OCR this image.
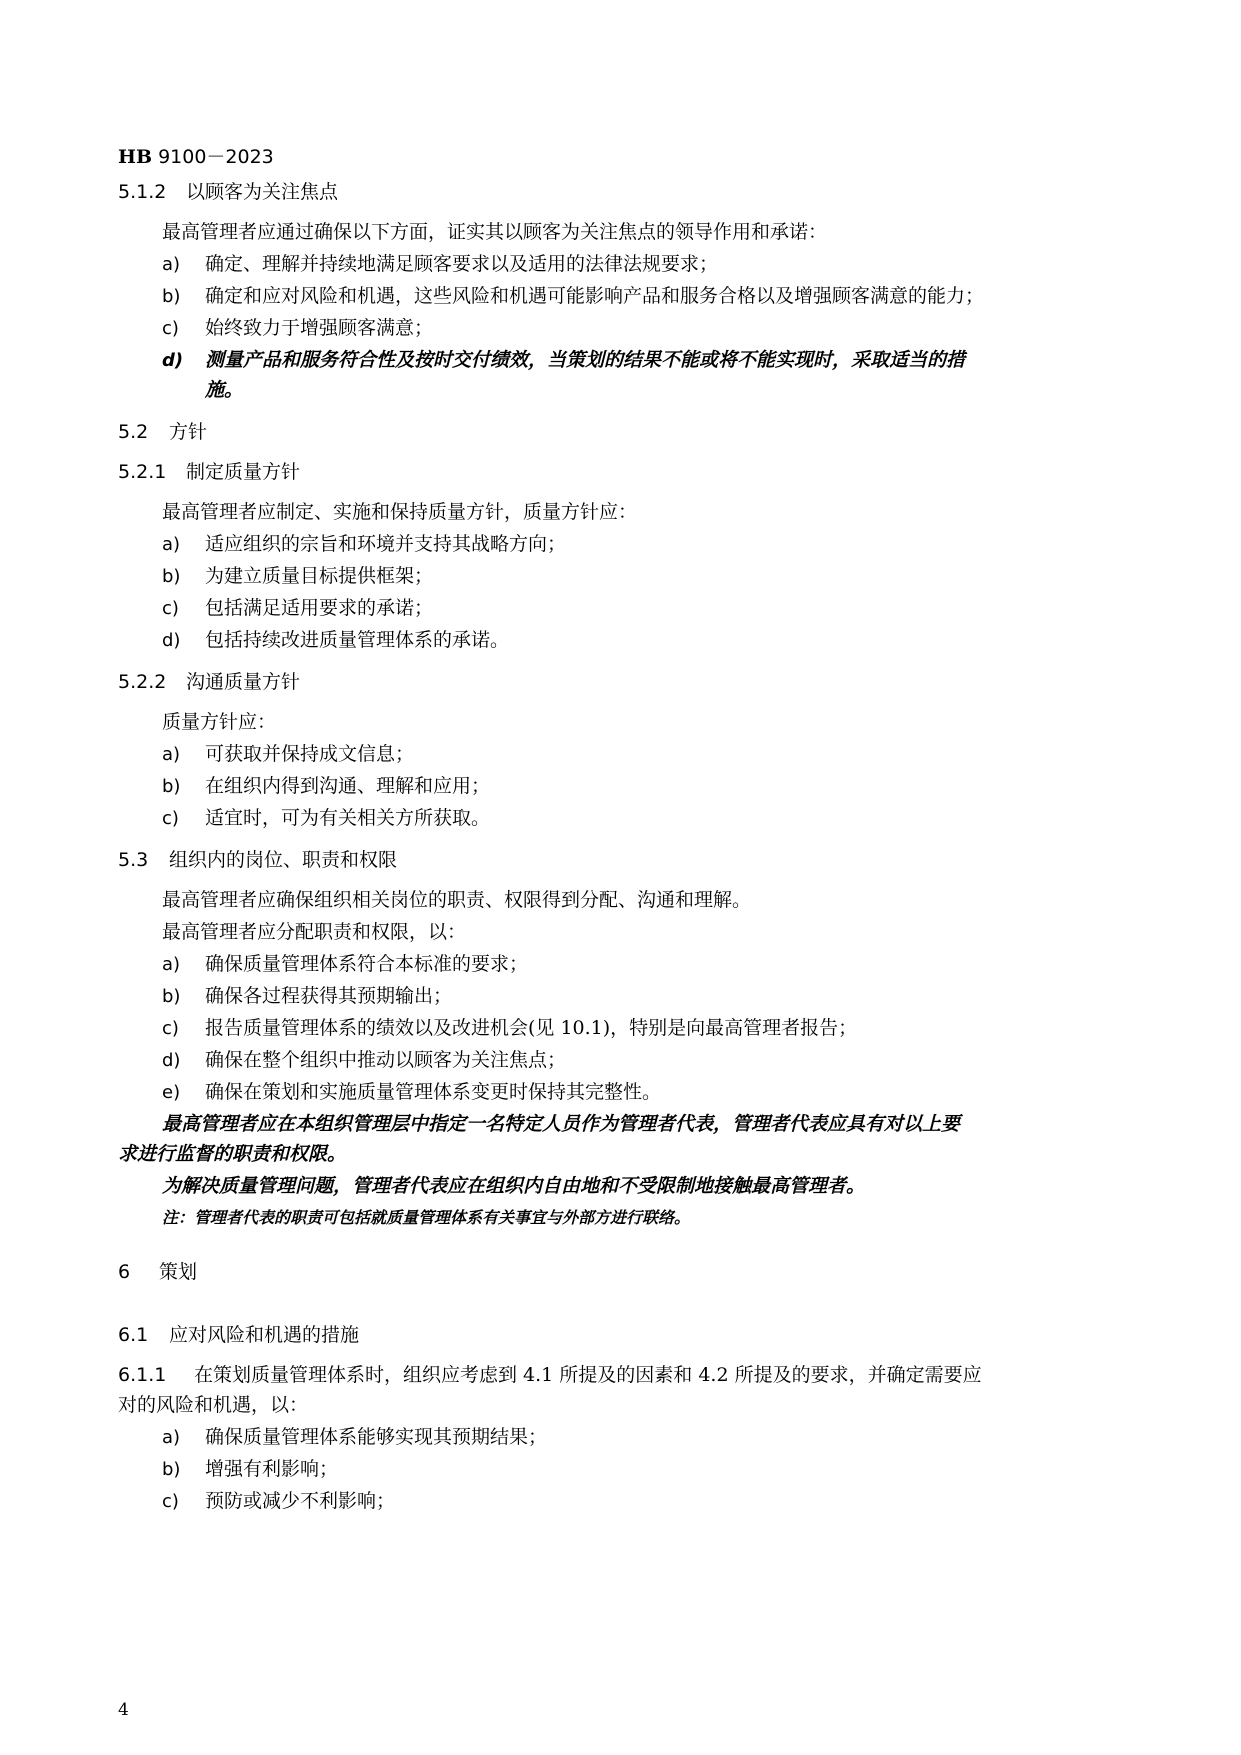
HB 9100－2023
5.1.2 以顾客为关注焦点
最高管理者应通过确保以下方面，证实其以顾客为关注焦点的领导作用和承诺：
a) 确定、理解并持续地满足顾客要求以及适用的法律法规要求；
b) 确定和应对风险和机遇，这些风险和机遇可能影响产品和服务合格以及增强顾客满意的能力；
c) 始终致力于增强顾客满意；
d) 测量产品和服务符合性及按时交付绩效，当策划的结果不能或将不能实现时，采取适当的措
施。
5.2 方针
5.2.1 制定质量方针
最高管理者应制定、实施和保持质量方针，质量方针应：
a) 适应组织的宗旨和环境并支持其战略方向；
b) 为建立质量目标提供框架；
c) 包括满足适用要求的承诺；
d) 包括持续改进质量管理体系的承诺。
5.2.2 沟通质量方针
质量方针应：
a) 可获取并保持成文信息；
b) 在组织内得到沟通、理解和应用；
c) 适宜时，可为有关相关方所获取。
5.3 组织内的岗位、职责和权限
最高管理者应确保组织相关岗位的职责、权限得到分配、沟通和理解。
最高管理者应分配职责和权限，以：
a) 确保质量管理体系符合本标准的要求；
b) 确保各过程获得其预期输出；
c) 报告质量管理体系的绩效以及改进机会(见 10.1)，特别是向最高管理者报告；
d) 确保在整个组织中推动以顾客为关注焦点；
e) 确保在策划和实施质量管理体系变更时保持其完整性。
最高管理者应在本组织管理层中指定一名特定人员作为管理者代表，管理者代表应具有对以上要
求进行监督的职责和权限。
为解决质量管理问题，管理者代表应在组织内自由地和不受限制地接触最高管理者。
注：管理者代表的职责可包括就质量管理体系有关事宜与外部方进行联络。
6 策划
6.1 应对风险和机遇的措施
6.1.1 在策划质量管理体系时，组织应考虑到 4.1 所提及的因素和 4.2 所提及的要求，并确定需要应
对的风险和机遇，以：
a) 确保质量管理体系能够实现其预期结果；
b) 增强有利影响；
c) 预防或减少不利影响；
4
